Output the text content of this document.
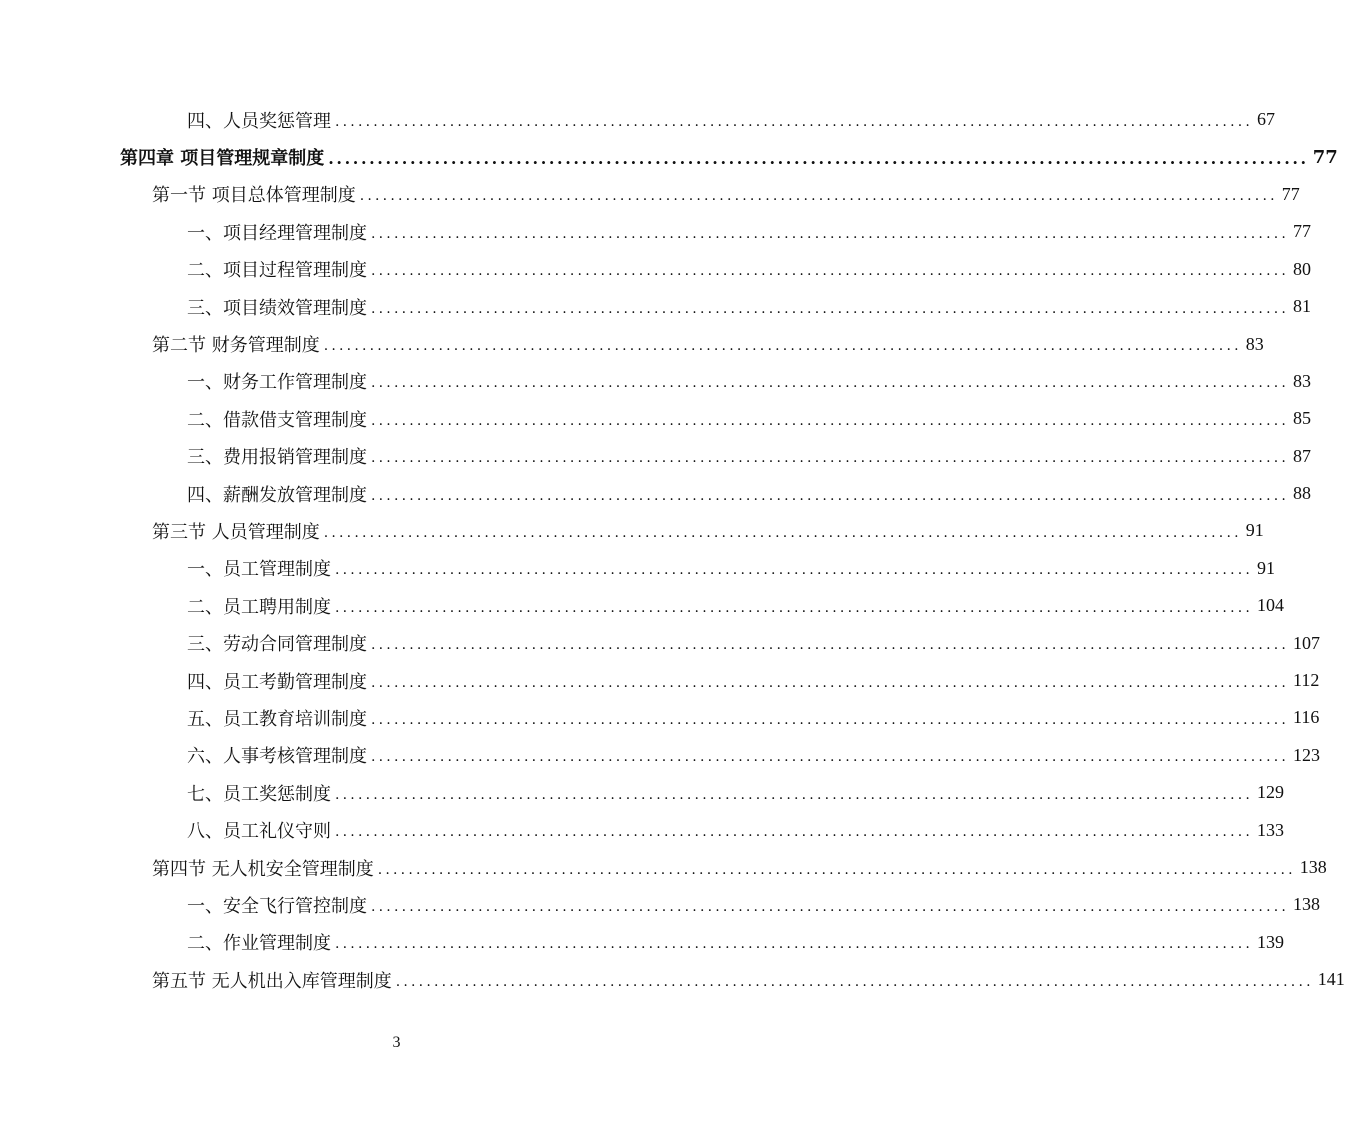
四、人员奖惩管理 ........................................................................................................................ 67
第四章 项目管理规章制度 ........................................................................................................................ 77
第一节 项目总体管理制度 ........................................................................................................................ 77
一、项目经理管理制度 ........................................................................................................................ 77
二、项目过程管理制度 ........................................................................................................................ 80
三、项目绩效管理制度 ........................................................................................................................ 81
第二节 财务管理制度 ........................................................................................................................ 83
一、财务工作管理制度 ........................................................................................................................ 83
二、借款借支管理制度 ........................................................................................................................ 85
三、费用报销管理制度 ........................................................................................................................ 87
四、薪酬发放管理制度 ........................................................................................................................ 88
第三节 人员管理制度 ........................................................................................................................ 91
一、员工管理制度 ........................................................................................................................ 91
二、员工聘用制度 ........................................................................................................................ 104
三、劳动合同管理制度 ........................................................................................................................ 107
四、员工考勤管理制度 ........................................................................................................................ 112
五、员工教育培训制度 ........................................................................................................................ 116
六、人事考核管理制度 ........................................................................................................................ 123
七、员工奖惩制度 ........................................................................................................................ 129
八、员工礼仪守则 ........................................................................................................................ 133
第四节 无人机安全管理制度 ........................................................................................................................ 138
一、安全飞行管控制度 ........................................................................................................................ 138
二、作业管理制度 ........................................................................................................................ 139
第五节 无人机出入库管理制度 ........................................................................................................................ 141
3
